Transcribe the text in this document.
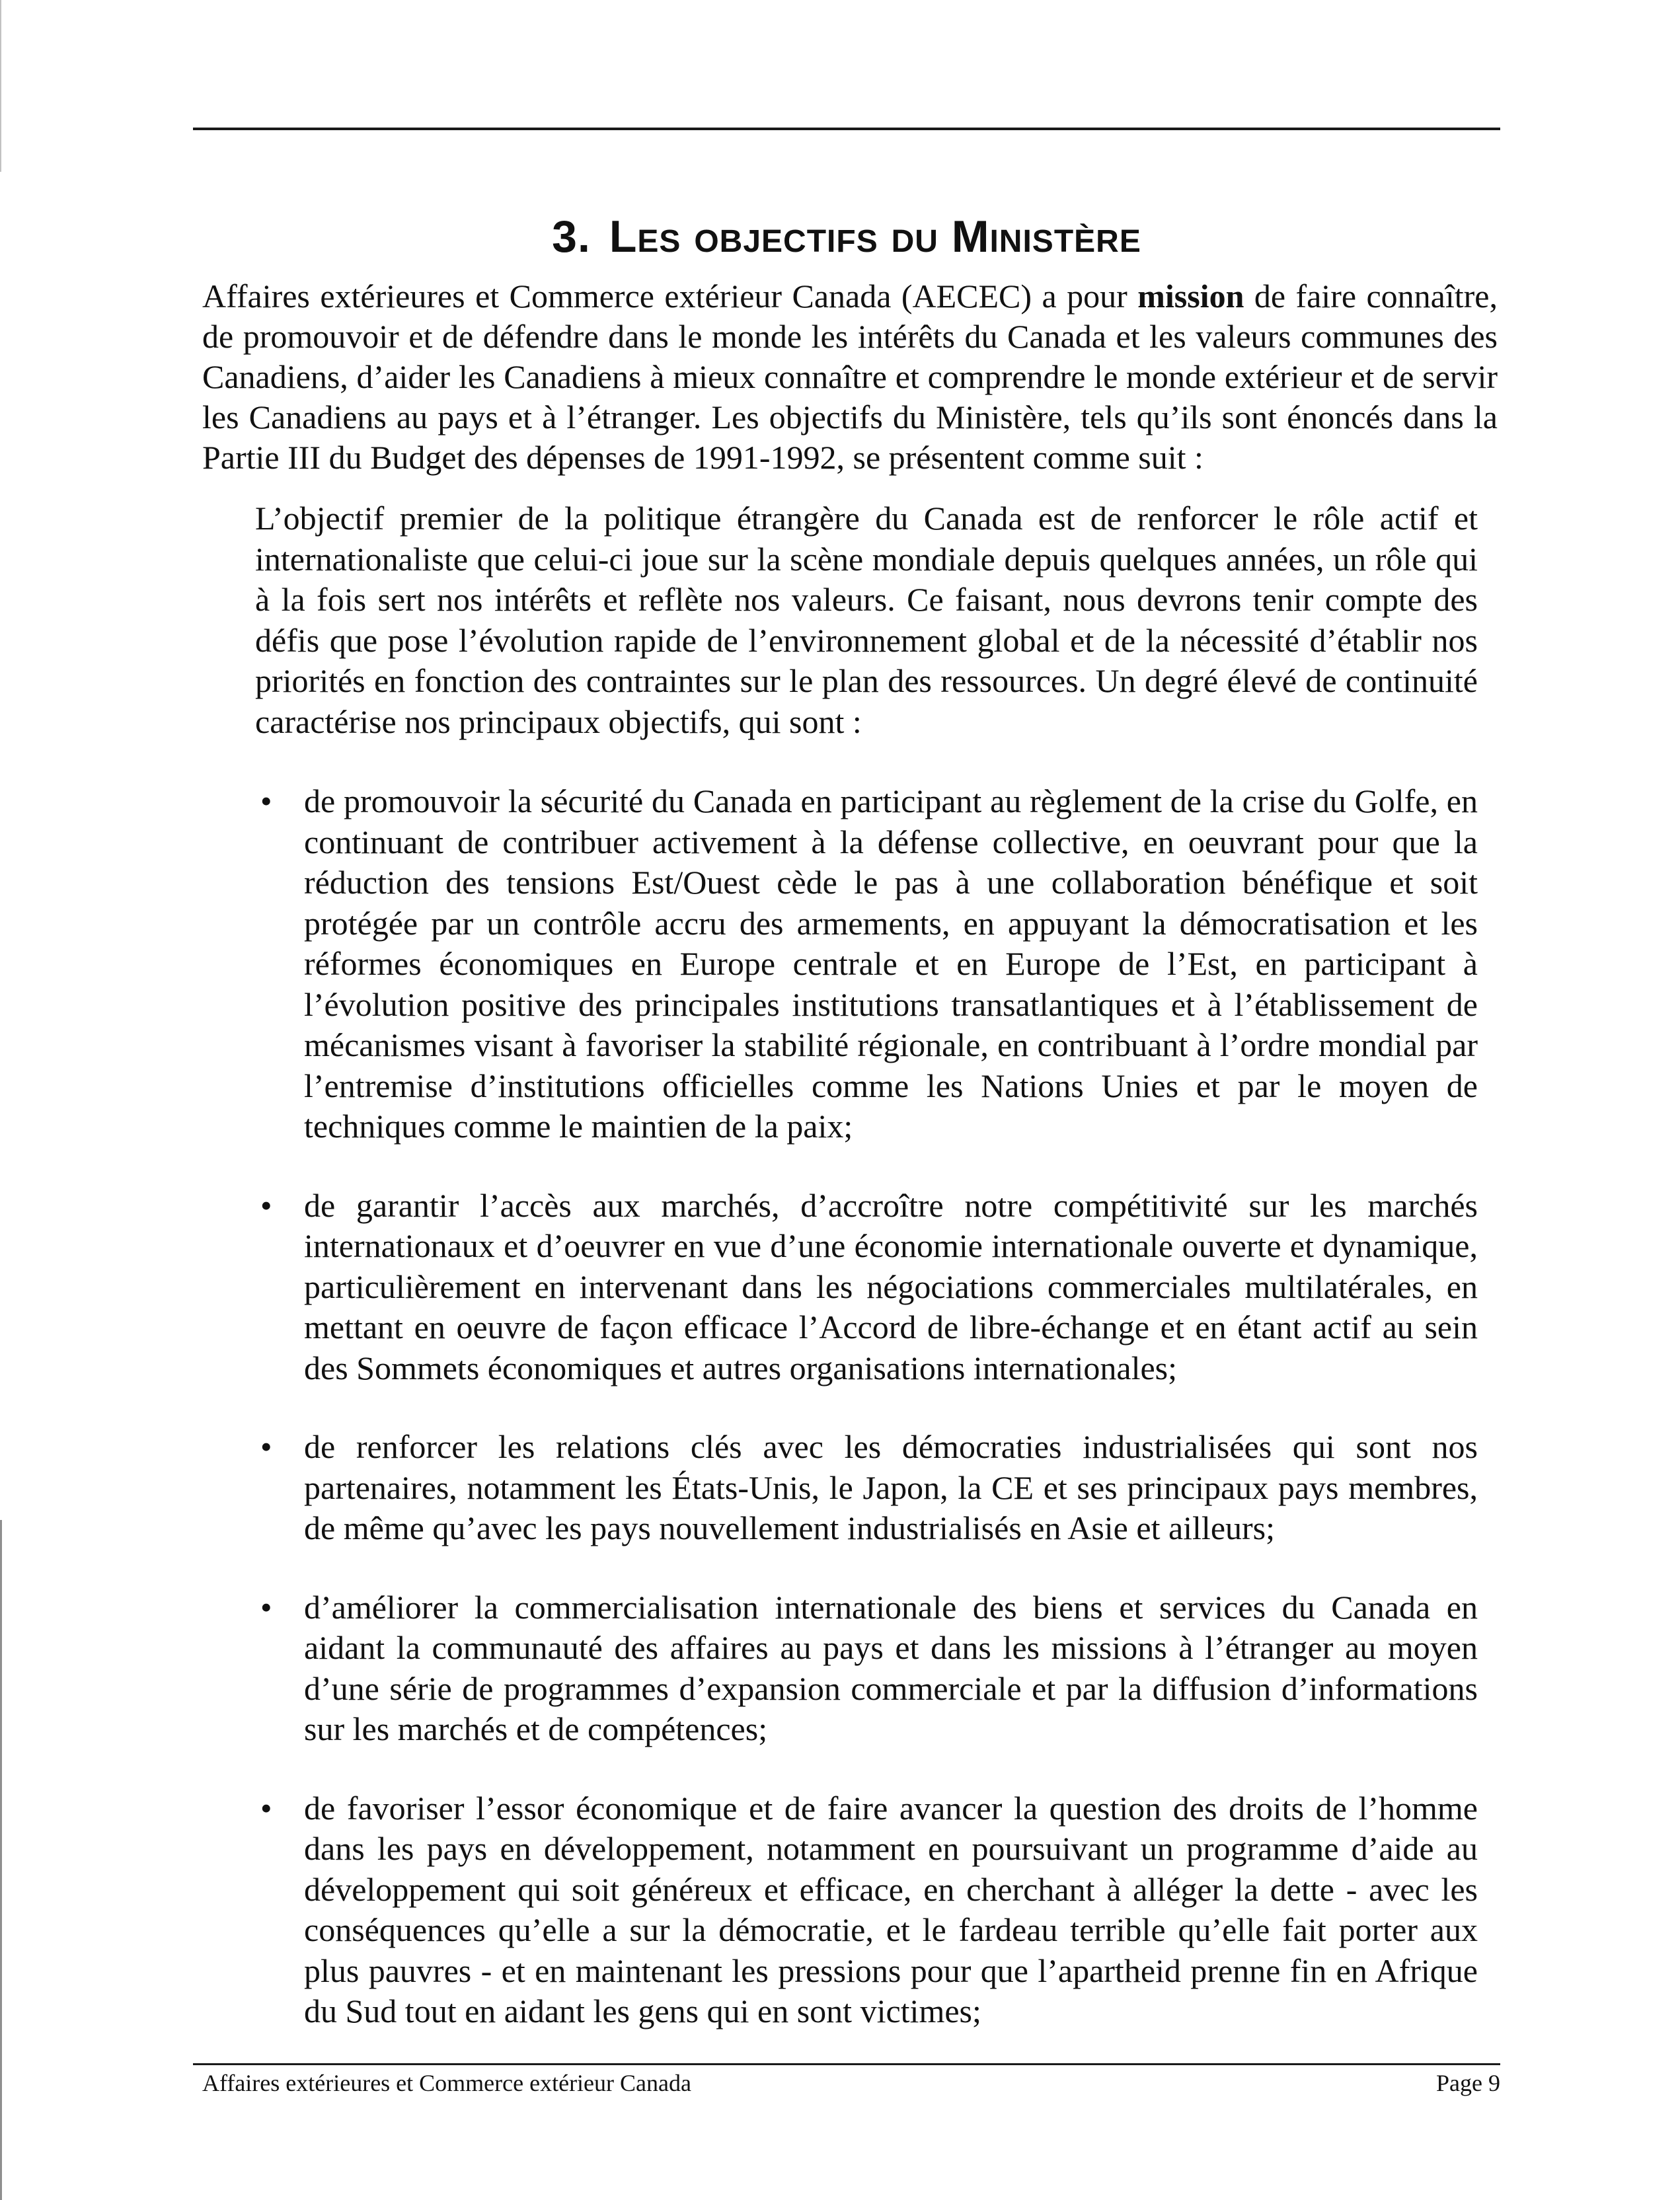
3. Les objectifs du Ministère

Affaires extérieures et Commerce extérieur Canada (AECEC) a pour mission de faire connaître, de promouvoir et de défendre dans le monde les intérêts du Canada et les valeurs communes des Canadiens, d’aider les Canadiens à mieux connaître et comprendre le monde extérieur et de servir les Canadiens au pays et à l’étranger. Les objectifs du Ministère, tels qu’ils sont énoncés dans la Partie III du Budget des dépenses de 1991-1992, se présentent comme suit :

L’objectif premier de la politique étrangère du Canada est de renforcer le rôle actif et internationaliste que celui-ci joue sur la scène mondiale depuis quelques années, un rôle qui à la fois sert nos intérêts et reflète nos valeurs. Ce faisant, nous devrons tenir compte des défis que pose l’évolution rapide de l’environnement global et de la nécessité d’établir nos priorités en fonction des contraintes sur le plan des ressources. Un degré élevé de continuité caractérise nos principaux objectifs, qui sont :

• de promouvoir la sécurité du Canada en participant au règlement de la crise du Golfe, en continuant de contribuer activement à la défense collective, en oeuvrant pour que la réduction des tensions Est/Ouest cède le pas à une collaboration bénéfique et soit protégée par un contrôle accru des armements, en appuyant la démocratisation et les réformes économiques en Europe centrale et en Europe de l’Est, en participant à l’évolution positive des principales institutions transatlantiques et à l’établissement de mécanismes visant à favoriser la stabilité régionale, en contribuant à l’ordre mondial par l’entremise d’institutions officielles comme les Nations Unies et par le moyen de techniques comme le maintien de la paix;
• de garantir l’accès aux marchés, d’accroître notre compétitivité sur les marchés internationaux et d’oeuvrer en vue d’une économie internationale ouverte et dynamique, particulièrement en intervenant dans les négociations commerciales multilatérales, en mettant en oeuvre de façon efficace l’Accord de libre-échange et en étant actif au sein des Sommets économiques et autres organisations internationales;
• de renforcer les relations clés avec les démocraties industrialisées qui sont nos partenaires, notamment les États-Unis, le Japon, la CE et ses principaux pays membres, de même qu’avec les pays nouvellement industrialisés en Asie et ailleurs;
• d’améliorer la commercialisation internationale des biens et services du Canada en aidant la communauté des affaires au pays et dans les missions à l’étranger au moyen d’une série de programmes d’expansion commerciale et par la diffusion d’informations sur les marchés et de compétences;
• de favoriser l’essor économique et de faire avancer la question des droits de l’homme dans les pays en développement, notamment en poursuivant un programme d’aide au développement qui soit généreux et efficace, en cherchant à alléger la dette - avec les conséquences qu’elle a sur la démocratie, et le fardeau terrible qu’elle fait porter aux plus pauvres - et en maintenant les pressions pour que l’apartheid prenne fin en Afrique du Sud tout en aidant les gens qui en sont victimes;
Affaires extérieures et Commerce extérieur Canada	Page 9
